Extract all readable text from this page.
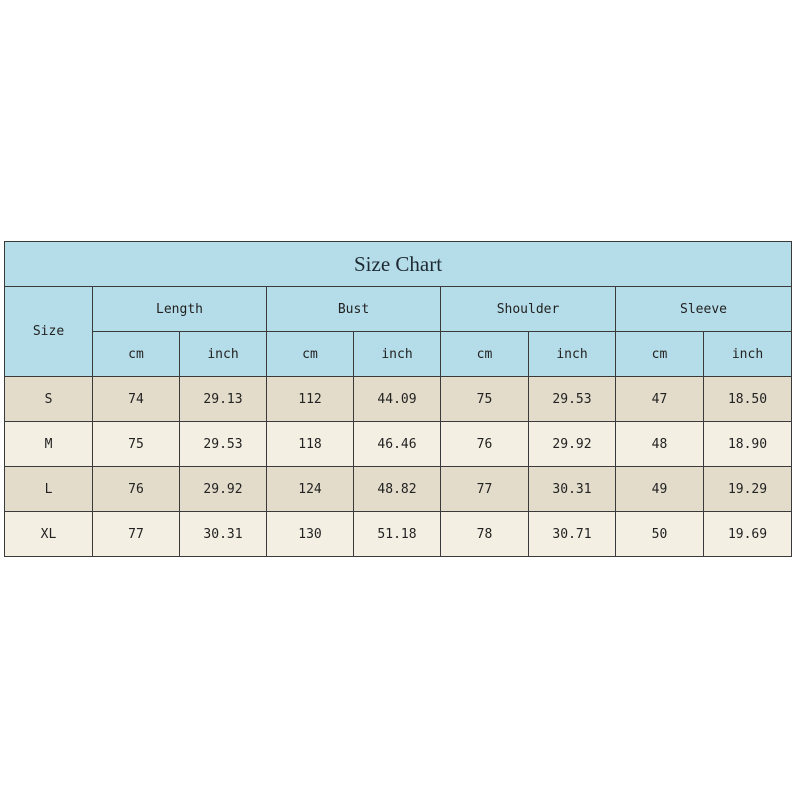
Size Chart								
Size	Length		Bust		Shoulder		Sleeve	
	cm	inch	cm	inch	cm	inch	cm	inch
S	74	29.13	112	44.09	75	29.53	47	18.50
M	75	29.53	118	46.46	76	29.92	48	18.90
L	76	29.92	124	48.82	77	30.31	49	19.29
XL	77	30.31	130	51.18	78	30.71	50	19.69
